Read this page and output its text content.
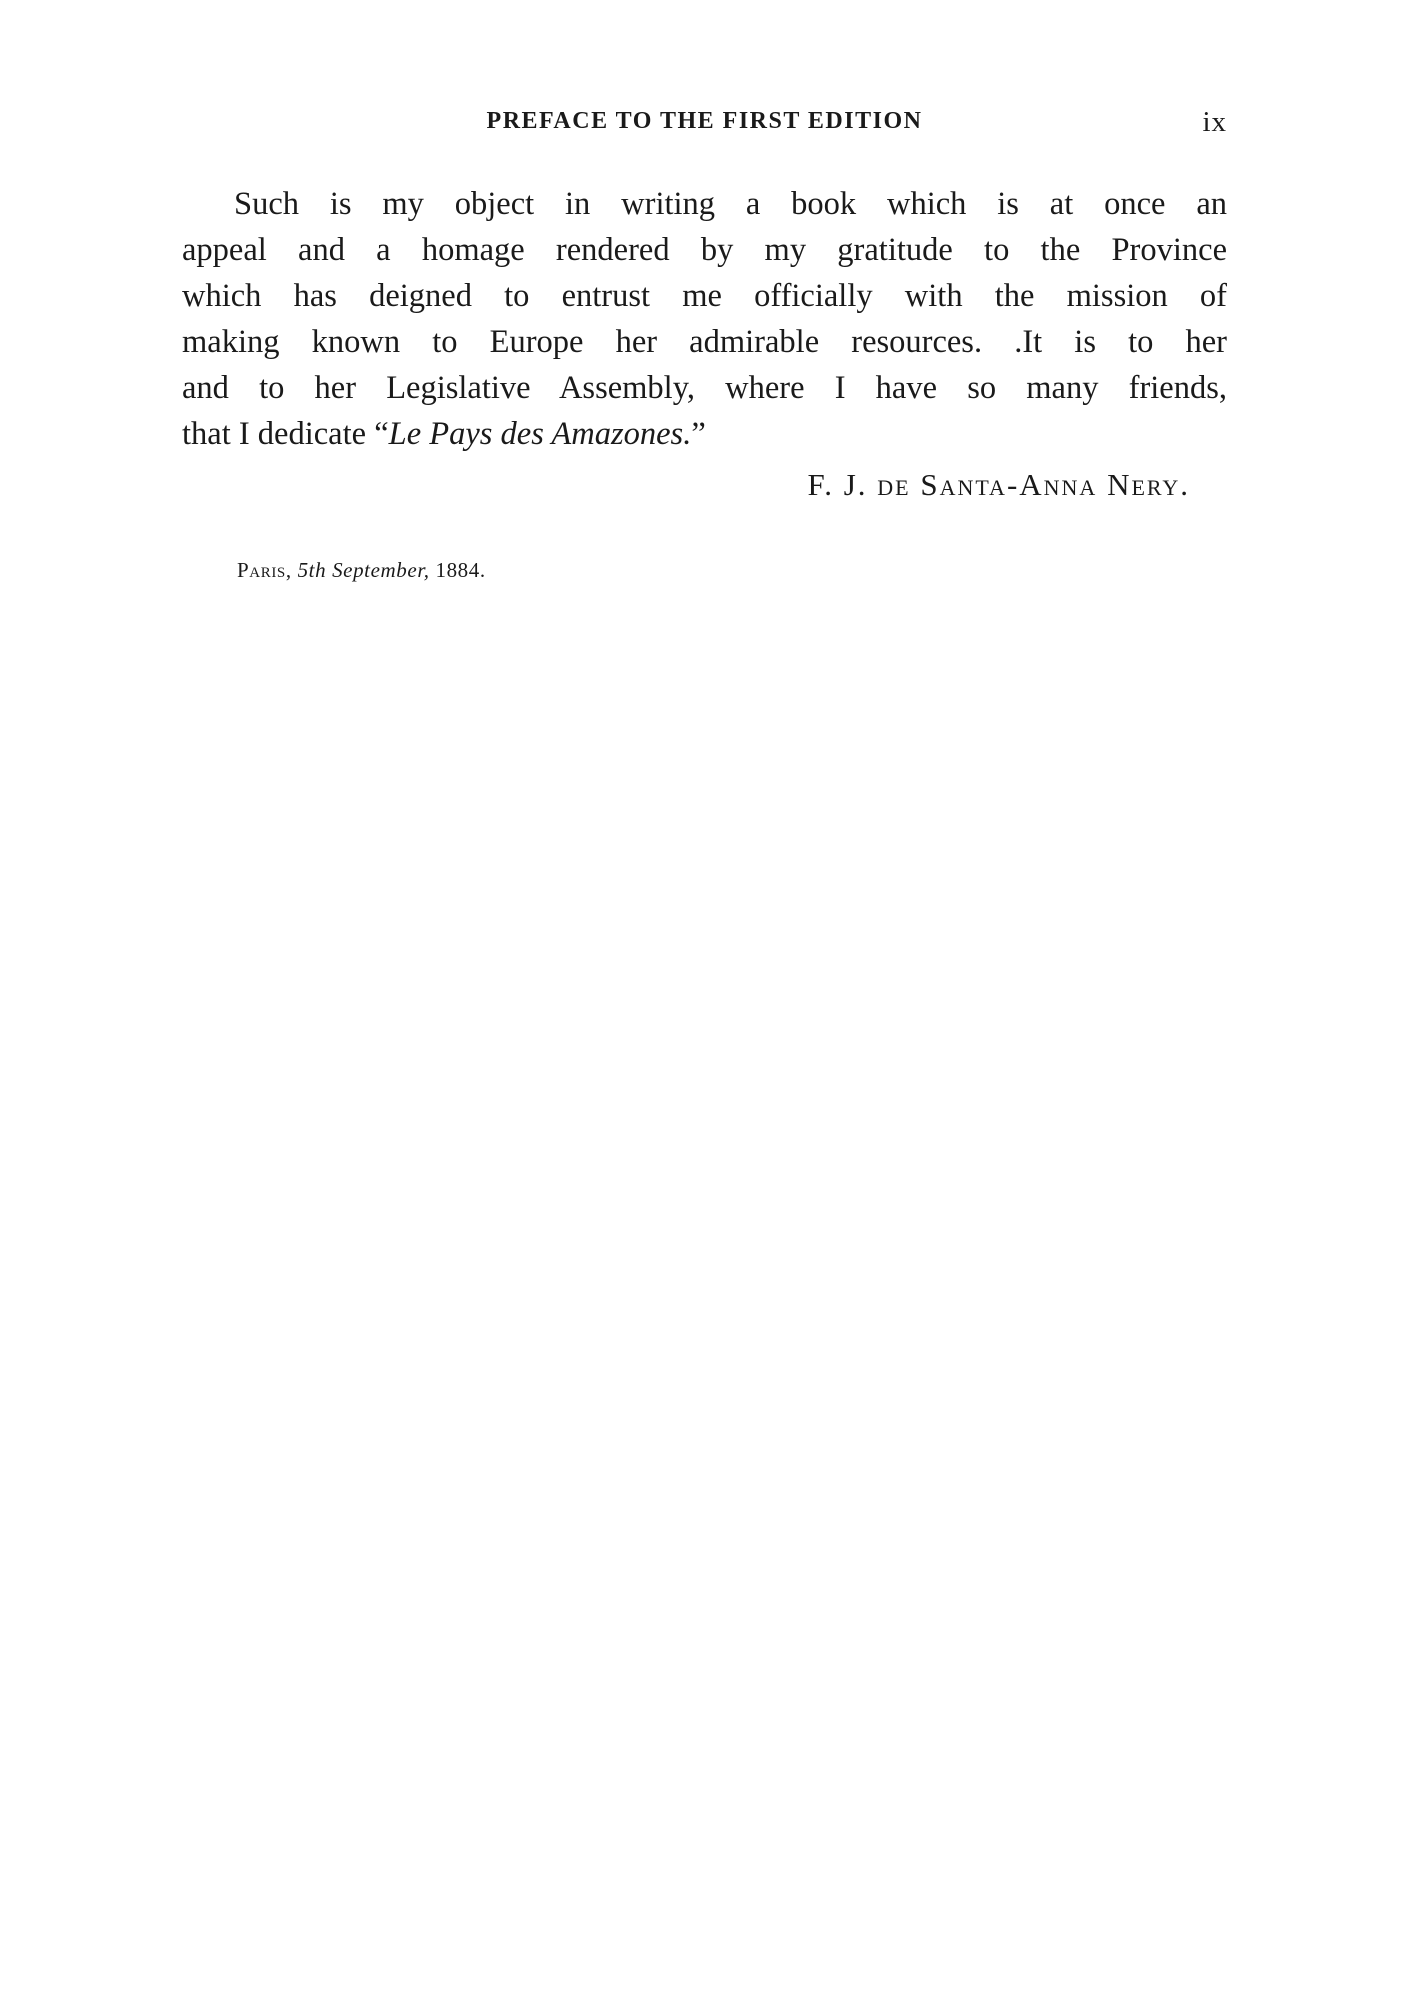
PREFACE TO THE FIRST EDITION	ix
Such is my object in writing a book which is at once an
appeal and a homage rendered by my gratitude to the Province
which has deigned to entrust me officially with the mission of
making known to Europe her admirable resources. .It is to her
and to her Legislative Assembly, where I have so many friends,
that I dedicate “Le Pays des Amazones.”
F. J. de Santa-Anna Nery.
Paris, 5th September, 1884.
